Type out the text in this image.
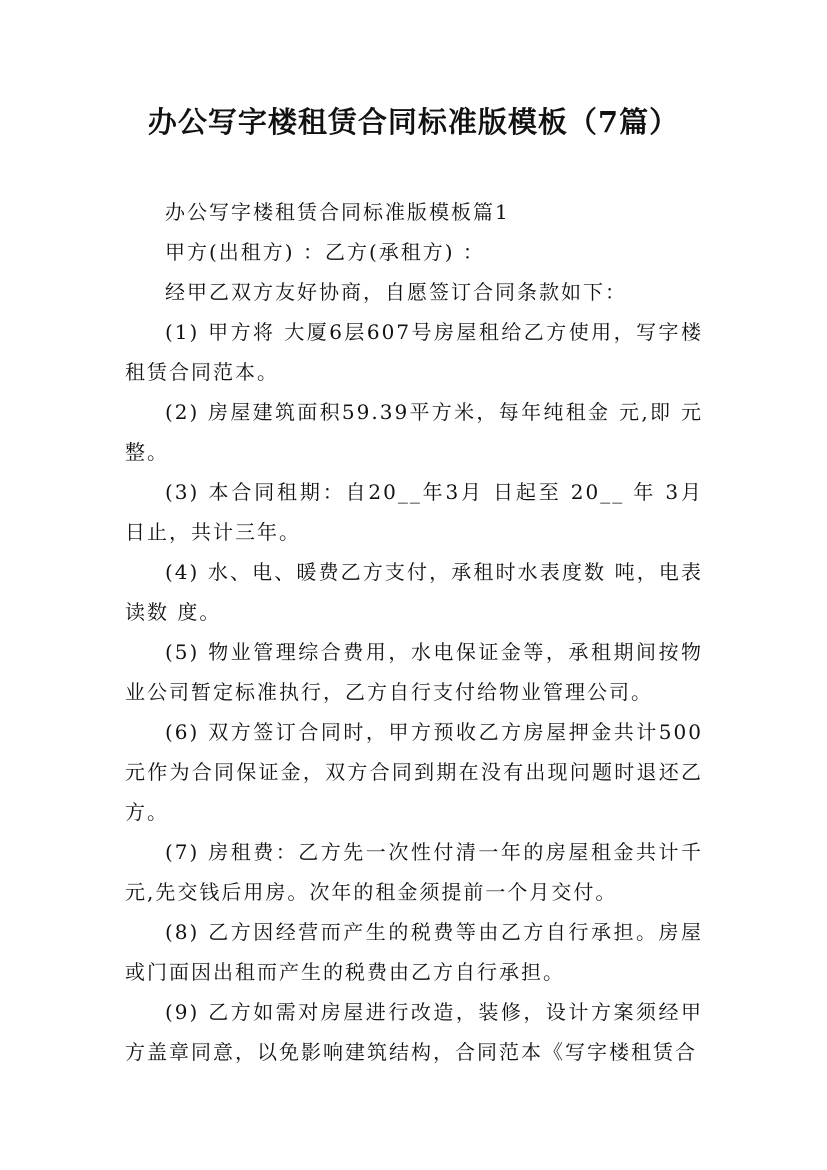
办公写字楼租赁合同标准版模板（7篇）

办公写字楼租赁合同标准版模板篇1

甲方(出租方) ：乙方(承租方) ：

经甲乙双方友好协商，自愿签订合同条款如下：

(1) 甲方将 大厦6层607号房屋租给乙方使用，写字楼租赁合同范本。

(2) 房屋建筑面积59.39平方米，每年纯租金 元,即 元整。

(3) 本合同租期：自20__年3月 日起至 20__ 年 3月日止，共计三年。

(4) 水、电、暖费乙方支付，承租时水表度数 吨，电表读数 度。

(5) 物业管理综合费用，水电保证金等，承租期间按物业公司暂定标准执行，乙方自行支付给物业管理公司。

(6) 双方签订合同时，甲方预收乙方房屋押金共计500元作为合同保证金，双方合同到期在没有出现问题时退还乙方。

(7) 房租费：乙方先一次性付清一年的房屋租金共计千元,先交钱后用房。次年的租金须提前一个月交付。

(8) 乙方因经营而产生的税费等由乙方自行承担。房屋或门面因出租而产生的税费由乙方自行承担。

(9) 乙方如需对房屋进行改造，装修，设计方案须经甲方盖章同意，以免影响建筑结构，合同范本《写字楼租赁合
